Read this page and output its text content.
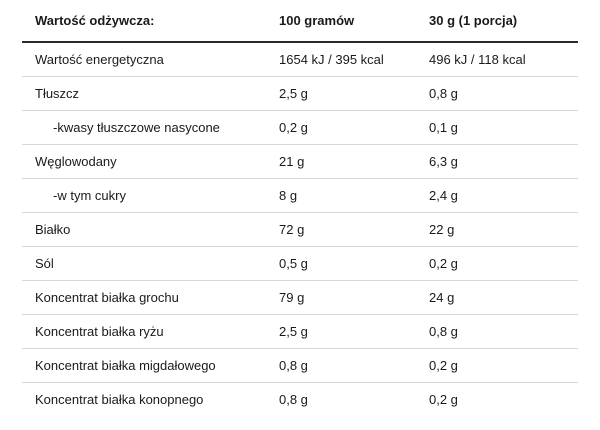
Wartość odżywcza:	100 gramów	30 g (1 porcja)
Wartość energetyczna	1654 kJ / 395 kcal	496 kJ / 118 kcal
Tłuszcz	2,5 g	0,8 g
-kwasy tłuszczowe nasycone	0,2 g	0,1 g
Węglowodany	21 g	6,3 g
-w tym cukry	8 g	2,4 g
Białko	72 g	22 g
Sól	0,5 g	0,2 g
Koncentrat białka grochu	79 g	24 g
Koncentrat białka ryżu	2,5 g	0,8 g
Koncentrat białka migdałowego	0,8 g	0,2 g
Koncentrat białka konopnego	0,8 g	0,2 g
